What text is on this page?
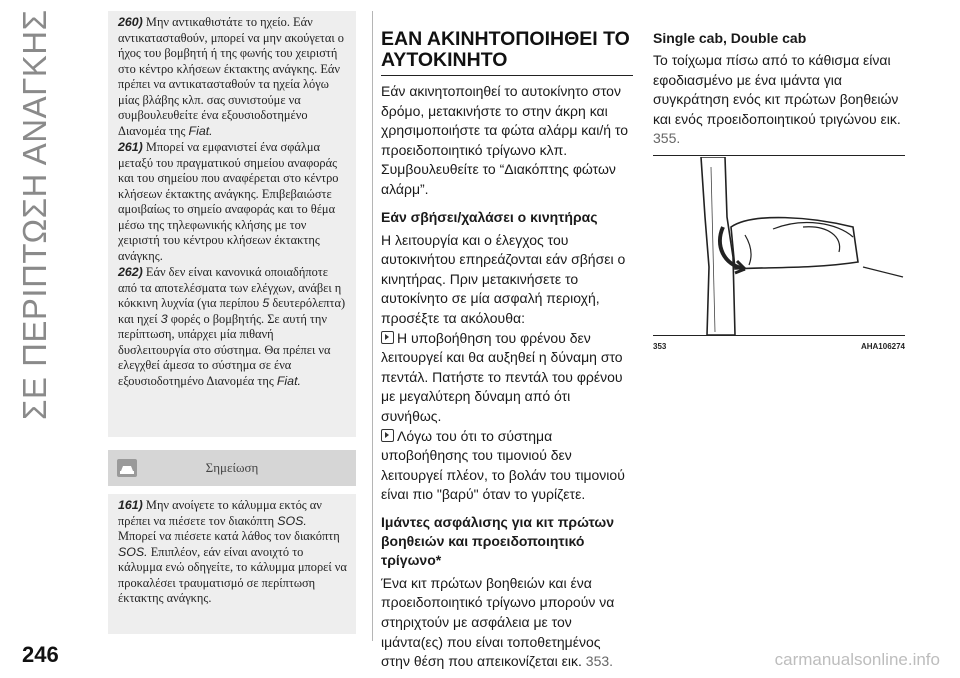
ΣΕ ΠΕΡΙΠΤΩΣΗ ΑΝΑΓΚΗΣ	260) Μην αντικαθιστάτε το ηχείο. Εάν αντικατασταθούν, μπορεί να μην ακούγεται ο ήχος του βομβητή ή της φωνής του χειριστή στο κέντρο κλήσεων έκτακτης ανάγκης. Εάν πρέπει να αντικατασταθούν τα ηχεία λόγω μίας βλάβης κλπ. σας συνιστούμε να συμβουλευθείτε ένα εξουσιοδοτημένο Διανομέα της Fiat.

261) Μπορεί να εμφανιστεί ένα σφάλμα μεταξύ του πραγματικού σημείου αναφοράς και του σημείου που αναφέρεται στο κέντρο κλήσεων έκτακτης ανάγκης. Επιβεβαιώστε αμοιβαίως το σημείο αναφοράς και το θέμα μέσω της τηλεφωνικής κλήσης με τον χειριστή του κέντρου κλήσεων έκτακτης ανάγκης.

262) Εάν δεν είναι κανονικά οποιαδήποτε από τα αποτελέσματα των ελέγχων, ανάβει η κόκκινη λυχνία (για περίπου 5 δευτερόλεπτα) και ηχεί 3 φορές ο βομβητής. Σε αυτή την περίπτωση, υπάρχει μία πιθανή δυσλειτουργία στο σύστημα. Θα πρέπει να ελεγχθεί άμεσα το σύστημα σε ένα εξουσιοδοτημένο Διανομέα της Fiat.

Σημείωση

161) Μην ανοίγετε το κάλυμμα εκτός αν πρέπει να πιέσετε τον διακόπτη SOS. Μπορεί να πιέσετε κατά λάθος τον διακόπτη SOS. Επιπλέον, εάν είναι ανοιχτό το κάλυμμα ενώ οδηγείτε, το κάλυμμα μπορεί να προκαλέσει τραυματισμό σε περίπτωση έκτακτης ανάγκης.

ΕΑΝ ΑΚΙΝΗΤΟΠΟΙΗΘΕΙ ΤΟ ΑΥΤΟΚΙΝΗΤΟ

Εάν ακινητοποιηθεί το αυτοκίνητο στον δρόμο, μετακινήστε το στην άκρη και χρησιμοποιήστε τα φώτα αλάρμ και/ή το προειδοποιητικό τρίγωνο κλπ. Συμβουλευθείτε το “Διακόπτης φώτων αλάρμ”.

Εάν σβήσει/χαλάσει ο κινητήρας

Η λειτουργία και ο έλεγχος του αυτοκινήτου επηρεάζονται εάν σβήσει ο κινητήρας. Πριν μετακινήσετε το αυτοκίνητο σε μία ασφαλή περιοχή, προσέξτε τα ακόλουθα:

Η υποβοήθηση του φρένου δεν λειτουργεί και θα αυξηθεί η δύναμη στο πεντάλ. Πατήστε το πεντάλ του φρένου με μεγαλύτερη δύναμη από ότι συνήθως.

Λόγω του ότι το σύστημα υποβοήθησης του τιμονιού δεν λειτουργεί πλέον, το βολάν του τιμονιού είναι πιο "βαρύ" όταν το γυρίζετε.

Ιμάντες ασφάλισης για κιτ πρώτων βοηθειών και προειδοποιητικό τρίγωνο*

Ένα κιτ πρώτων βοηθειών και ένα προειδοποιητικό τρίγωνο μπορούν να στηριχτούν με ασφάλεια με τον ιμάντα(ες) που είναι τοποθετημένος στην θέση που απεικονίζεται εικ. 353.

Single cab, Double cab

Το τοίχωμα πίσω από το κάθισμα είναι εφοδιασμένο με ένα ιμάντα για συγκράτηση ενός κιτ πρώτων βοηθειών και ενός προειδοποιητικού τριγώνου εικ. 355.

353	AHA106274
246	carmanualsonline.info
